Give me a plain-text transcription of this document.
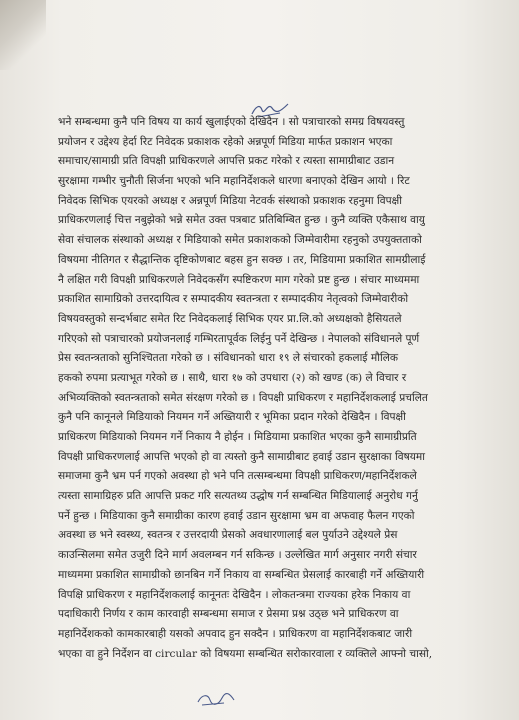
भने सम्बन्धमा कुनै पनि विषय या कार्य खुलाईएको देखिदैन । सो पत्राचारको समग्र विषयवस्तु
प्रयोजन र उद्देश्य हेर्दा रिट निवेदक प्रकाशक रहेको अन्नपूर्ण मिडिया मार्फत प्रकाशन भएका
समाचार/सामाग्री प्रति विपक्षी प्राधिकरणले आपत्ति प्रकट गरेको र त्यस्ता सामाग्रीबाट उडान
सुरक्षामा गम्भीर चुनौती सिर्जना भएको भनि महानिर्देशकले धारणा बनाएको देखिन आयो । रिट
निवेदक सिभिक एयरको अध्यक्ष र अन्नपूर्ण मिडिया नेटवर्क संस्थाको प्रकाशक रहनुमा विपक्षी
प्राधिकरणलाई चित्त नबुझेको भन्ने समेत उक्त पत्रबाट प्रतिबिम्बित हुन्छ । कुनै व्यक्ति एकैसाथ वायु
सेवा संचालक संस्थाको अध्यक्ष र मिडियाको समेत प्रकाशकको जिम्मेवारीमा रहनुको उपयुक्तताको
विषयमा नीतिगत र सैद्धान्तिक दृष्टिकोणबाट बहस हुन सक्छ । तर, मिडियामा प्रकाशित सामग्रीलाई
नै लक्षित गरी विपक्षी प्राधिकरणले निवेदकसँग स्पष्टिकरण माग गरेको प्रष्ट हुन्छ । संचार माध्यममा
प्रकाशित सामाग्रिको उत्तरदायित्व र सम्पादकीय स्वतन्त्रता र सम्पादकीय नेतृत्वको जिम्मेवारीको
विषयवस्तुको सन्दर्भबाट समेत रिट निवेदकलाई सिभिक एयर प्रा.लि.को अध्यक्षको हैसियतले
गरिएको सो पत्राचारको प्रयोजनलाई गम्भिरतापूर्वक लिईनु पर्ने देखिन्छ । नेपालको संविधानले पूर्ण
प्रेस स्वतन्त्रताको सुनिश्चितता गरेको छ । संविधानको धारा १९ ले संचारको हकलाई मौलिक
हकको रुपमा प्रत्याभूत गरेको छ । साथै, धारा १७ को उपधारा (२) को खण्ड (क) ले विचार र
अभिव्यक्तिको स्वतन्त्रताको समेत संरक्षण गरेको छ । विपक्षी प्राधिकरण र महानिर्देशकलाई प्रचलित
कुनै पनि कानूनले मिडियाको नियमन गर्ने अख्तियारी र भूमिका प्रदान गरेको देखिदैन । विपक्षी
प्राधिकरण मिडियाको नियमन गर्ने निकाय नै होईन । मिडियामा प्रकाशित भएका कुनै सामाग्रीप्रति
विपक्षी प्राधिकरणलाई आपत्ति भएको हो वा त्यस्तो कुनै सामाग्रीबाट हवाई उडान सुरक्षाका विषयमा
समाजमा कुनै भ्रम पर्न गएको अवस्था हो भने पनि तत्सम्बन्धमा विपक्षी प्राधिकरण/महानिर्देशकले
त्यस्ता सामाग्रिहरु प्रति आपत्ति प्रकट गरि सत्यतथ्य उद्धोष गर्न सम्बन्धित मिडियालाई अनुरोध गर्नु
पर्ने हुन्छ । मिडियाका कुनै समाग्रीका कारण हवाई उडान सुरक्षामा भ्रम वा अफवाह फैलन गएको
अवस्था छ भने स्वस्थ्य, स्वतन्त्र र उत्तरदायी प्रेसको अवधारणालाई बल पुर्याउने उद्देश्यले प्रेस
काउन्सिलमा समेत उजुरी दिने मार्ग अवलम्बन गर्न सकिन्छ । उल्लेखित मार्ग अनुसार नगरी संचार
माध्यममा प्रकाशित सामाग्रीको छानबिन गर्ने निकाय वा सम्बन्धित प्रेसलाई कारबाही गर्ने अख्तियारी
विपक्षि प्राधिकरण र महानिर्देशकलाई कानूनतः देखिदैन । लोकतन्त्रमा राज्यका हरेक निकाय वा
पदाधिकारी निर्णय र काम कारवाही सम्बन्धमा समाज र प्रेसमा प्रश्न उठ्छ भने प्राधिकरण वा
महानिर्देशकको कामकारबाही यसको अपवाद हुन सक्दैन । प्राधिकरण वा महानिर्देशकबाट जारी
भएका वा हुने निर्देशन वा circular को विषयमा सम्बन्धित सरोकारवाला र व्यक्तिले आफ्नो चासो,
